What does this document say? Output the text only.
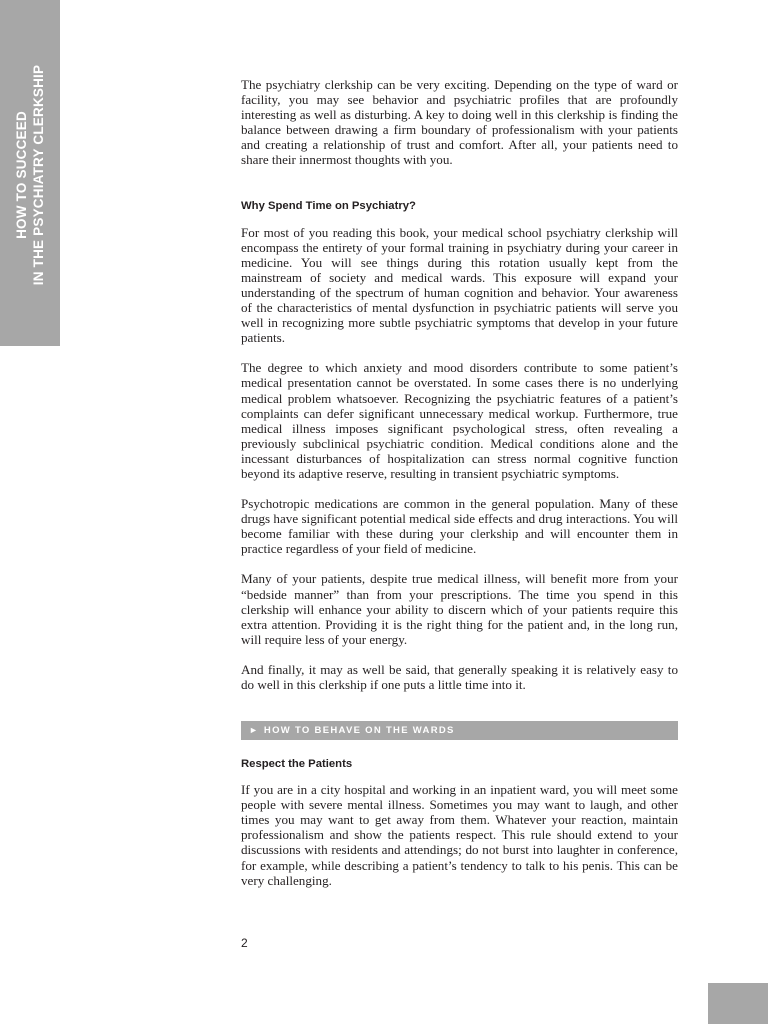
HOW TO SUCCEED IN THE PSYCHIATRY CLERKSHIP	The psychiatry clerkship can be very exciting. Depending on the type of ward or facility, you may see behavior and psychiatric profiles that are profoundly interesting as well as disturbing. A key to doing well in this clerkship is finding the balance between drawing a firm boundary of professionalism with your patients and creating a relationship of trust and comfort. After all, your patients need to share their innermost thoughts with you.

Why Spend Time on Psychiatry?

For most of you reading this book, your medical school psychiatry clerkship will encompass the entirety of your formal training in psychiatry during your career in medicine. You will see things during this rotation usually kept from the mainstream of society and medical wards. This exposure will expand your understanding of the spectrum of human cognition and behavior. Your awareness of the characteristics of mental dysfunction in psychiatric patients will serve you well in recognizing more subtle psychiatric symptoms that develop in your future patients.

The degree to which anxiety and mood disorders contribute to some patient’s medical presentation cannot be overstated. In some cases there is no underlying medical problem whatsoever. Recognizing the psychiatric features of a patient’s complaints can defer significant unnecessary medical workup. Furthermore, true medical illness imposes significant psychological stress, often revealing a previously subclinical psychiatric condition. Medical conditions alone and the incessant disturbances of hospitalization can stress normal cognitive function beyond its adaptive reserve, resulting in transient psychiatric symptoms.

Psychotropic medications are common in the general population. Many of these drugs have significant potential medical side effects and drug interactions. You will become familiar with these during your clerkship and will encounter them in practice regardless of your field of medicine.

Many of your patients, despite true medical illness, will benefit more from your “bedside manner” than from your prescriptions. The time you spend in this clerkship will enhance your ability to discern which of your patients require this extra attention. Providing it is the right thing for the patient and, in the long run, will require less of your energy.

And finally, it may as well be said, that generally speaking it is relatively easy to do well in this clerkship if one puts a little time into it.

► HOW TO BEHAVE ON THE WARDS
Respect the Patients

If you are in a city hospital and working in an inpatient ward, you will meet some people with severe mental illness. Sometimes you may want to laugh, and other times you may want to get away from them. Whatever your reaction, maintain professionalism and show the patients respect. This rule should extend to your discussions with residents and attendings; do not burst into laughter in conference, for example, while describing a patient’s tendency to talk to his penis. This can be very challenging.

2
